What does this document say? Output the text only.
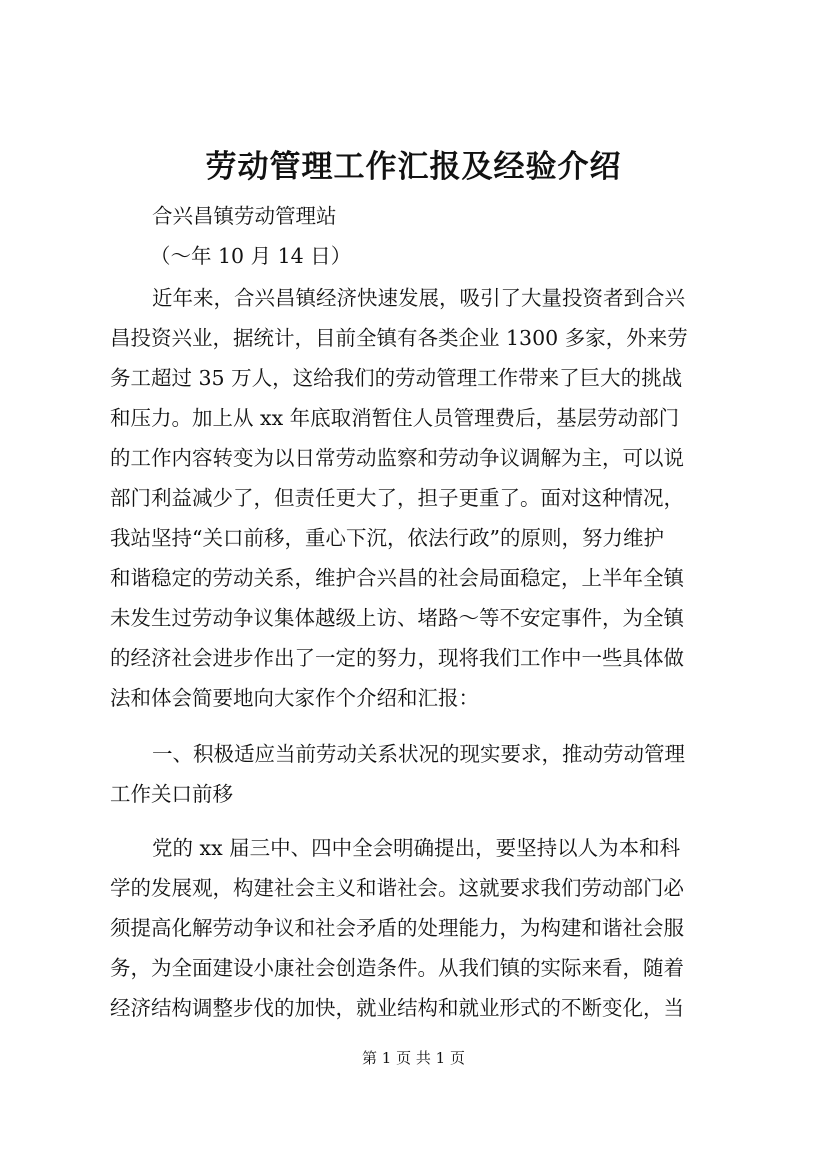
劳动管理工作汇报及经验介绍
合兴昌镇劳动管理站
（～年 10 月 14 日）
近年来，合兴昌镇经济快速发展，吸引了大量投资者到合兴
昌投资兴业，据统计，目前全镇有各类企业 1300 多家，外来劳
务工超过 35 万人，这给我们的劳动管理工作带来了巨大的挑战
和压力。加上从 xx 年底取消暂住人员管理费后，基层劳动部门
的工作内容转变为以日常劳动监察和劳动争议调解为主，可以说
部门利益减少了，但责任更大了，担子更重了。面对这种情况，
我站坚持“关口前移，重心下沉，依法行政”的原则，努力维护
和谐稳定的劳动关系，维护合兴昌的社会局面稳定，上半年全镇
未发生过劳动争议集体越级上访、堵路～等不安定事件，为全镇
的经济社会进步作出了一定的努力，现将我们工作中一些具体做
法和体会简要地向大家作个介绍和汇报：
一、积极适应当前劳动关系状况的现实要求，推动劳动管理
工作关口前移
党的 xx 届三中、四中全会明确提出，要坚持以人为本和科
学的发展观，构建社会主义和谐社会。这就要求我们劳动部门必
须提高化解劳动争议和社会矛盾的处理能力，为构建和谐社会服
务，为全面建设小康社会创造条件。从我们镇的实际来看，随着
经济结构调整步伐的加快，就业结构和就业形式的不断变化，当
第 1 页 共 1 页
